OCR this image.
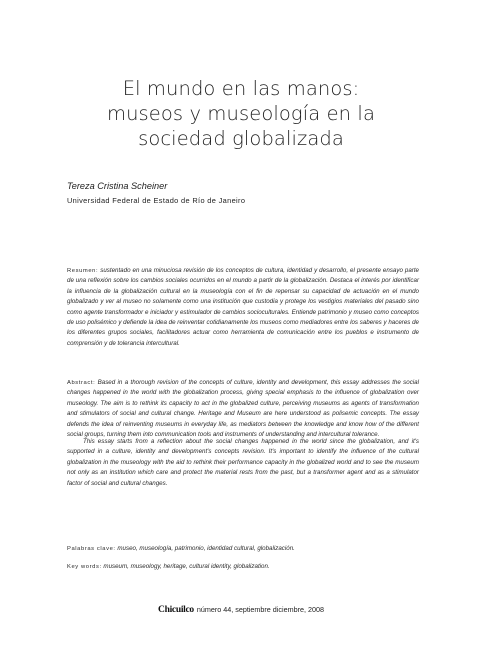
El mundo en las manos:
museos y museología en la
sociedad globalizada
Tereza Cristina Scheiner
Universidad Federal de Estado de Río de Janeiro

Resumen: sustentado en una minuciosa revisión de los conceptos de cultura, identidad y desarrollo, el presente ensayo parte de una reflexión sobre los cambios sociales ocurridos en el mundo a partir de la globalización. Destaca el interés por identificar la influencia de la globalización cultural en la museología con el fin de repensar su capacidad de actuación en el mundo globalizado y ver al museo no solamente como una institución que custodia y protege los vestigios materiales del pasado sino como agente transformador e iniciador y estimulador de cambios socioculturales. Entiende patrimonio y museo como conceptos de uso polisémico y defiende la idea de reinventar cotidianamente los museos como mediadores entre los saberes y haceres de los diferentes grupos sociales, facilitadores actuar como herramienta de comunicación entre los pueblos e instrumento de comprensión y de tolerancia intercultural.

Abstract: Based in a thorough revision of the concepts of culture, identity and development, this essay addresses the social changes happened in the world with the globalization process, giving special emphasis to the influence of globalization over museology. The aim is to rethink its capacity to act in the globalized culture, perceiving museums as agents of transformation and stimulators of social and cultural change. Heritage and Museum are here understood as polisemic concepts. The essay defends the idea of reinventing museums in everyday life, as mediators between the knowledge and know how of the different social groups, turning them into communication tools and instruments of understanding and intercultural tolerance.

This essay starts from a reflection about the social changes happened in the world since the globalization, and it's supported in a culture, identity and development's concepts revision. It's important to identify the influence of the cultural globalization in the museology with the aid to rethink their performance capacity in the globalized world and to see the museum not only as an institution which care and protect the material rests from the past, but a transformer agent and as a stimulator factor of social and cultural changes.

Palabras clave: museo, museología, patrimonio, identidad cultural, globalización.

Key words: museum, museology, heritage, cultural identity, globalization.

Chicuilco número 44, septiembre diciembre, 2008
